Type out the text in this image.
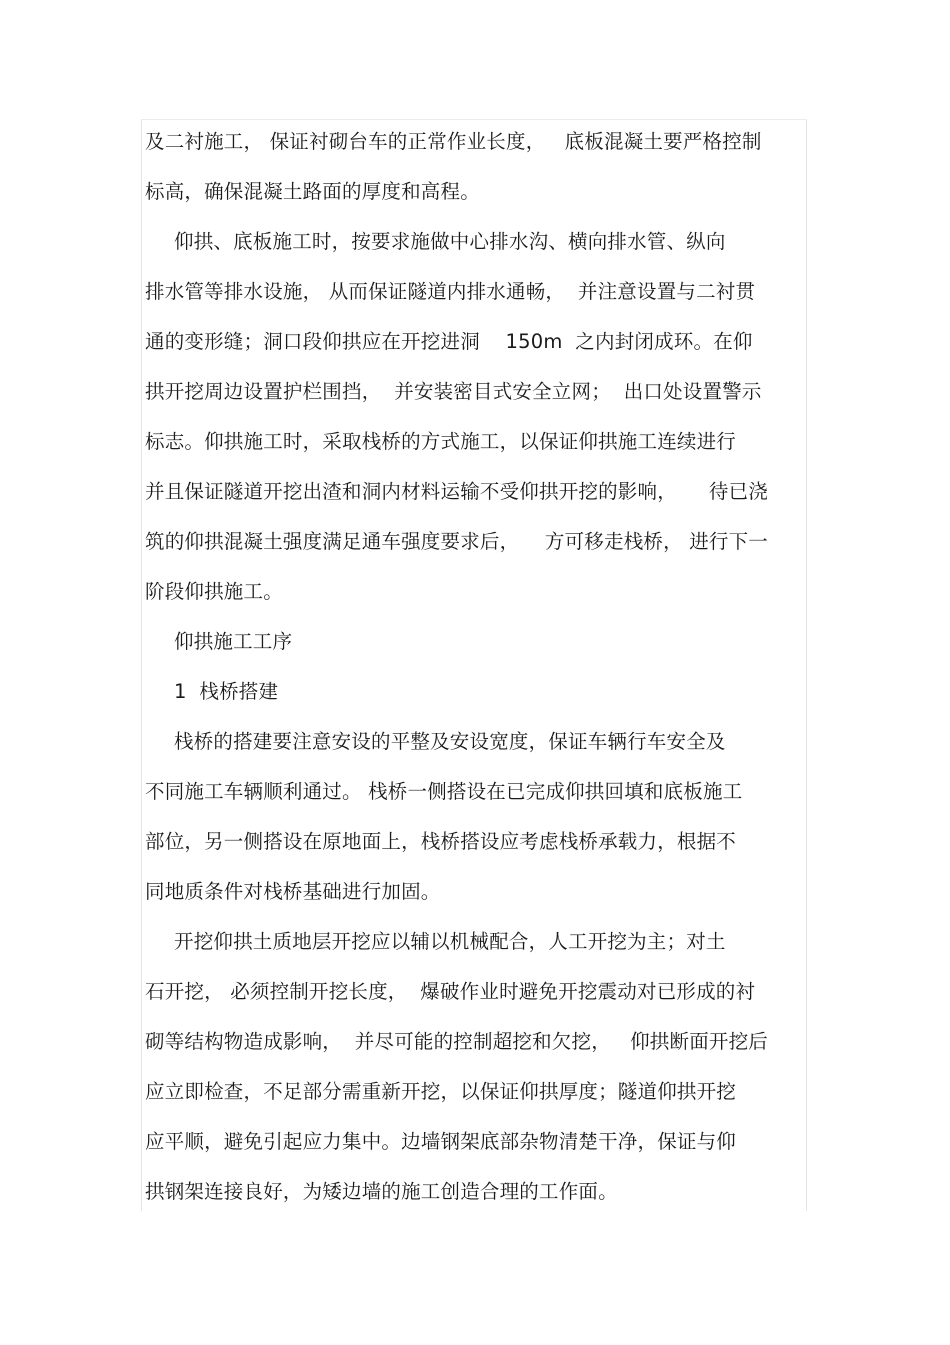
及二衬施工， 保证衬砌台车的正常作业长度，   底板混凝土要严格控制
标高，确保混凝土路面的厚度和高程。
仰拱、底板施工时，按要求施做中心排水沟、横向排水管、纵向
排水管等排水设施， 从而保证隧道内排水通畅，  并注意设置与二衬贯
通的变形缝；洞口段仰拱应在开挖进洞    150m  之内封闭成环。在仰
拱开挖周边设置护栏围挡，  并安装密目式安全立网；  出口处设置警示
标志。仰拱施工时，采取栈桥的方式施工，以保证仰拱施工连续进行
并且保证隧道开挖出渣和洞内材料运输不受仰拱开挖的影响，     待已浇
筑的仰拱混凝土强度满足通车强度要求后，    方可移走栈桥， 进行下一
阶段仰拱施工。
仰拱施工工序
1  栈桥搭建
栈桥的搭建要注意安设的平整及安设宽度，保证车辆行车安全及
不同施工车辆顺利通过。 栈桥一侧搭设在已完成仰拱回填和底板施工
部位，另一侧搭设在原地面上，栈桥搭设应考虑栈桥承载力，根据不
同地质条件对栈桥基础进行加固。
开挖仰拱土质地层开挖应以辅以机械配合，人工开挖为主；对土
石开挖， 必须控制开挖长度，  爆破作业时避免开挖震动对已形成的衬
砌等结构物造成影响，  并尽可能的控制超挖和欠挖，   仰拱断面开挖后
应立即检查，不足部分需重新开挖，以保证仰拱厚度；隧道仰拱开挖
应平顺，避免引起应力集中。边墙钢架底部杂物清楚干净，保证与仰
拱钢架连接良好，为矮边墙的施工创造合理的工作面。
